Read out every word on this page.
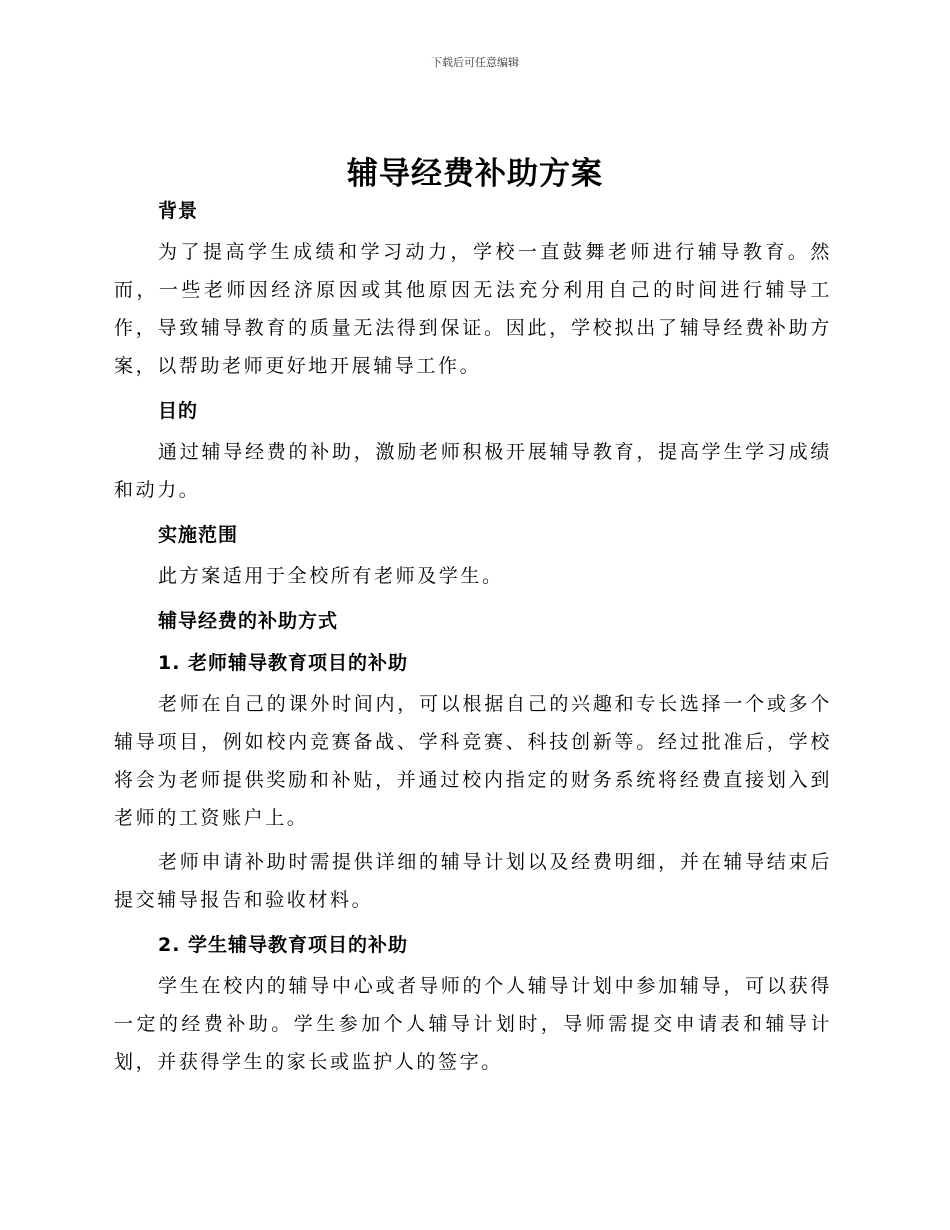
下载后可任意编辑
辅导经费补助方案
背景

为了提高学生成绩和学习动力，学校一直鼓舞老师进行辅导教育。然而，一些老师因经济原因或其他原因无法充分利用自己的时间进行辅导工作，导致辅导教育的质量无法得到保证。因此，学校拟出了辅导经费补助方案，以帮助老师更好地开展辅导工作。

目的

通过辅导经费的补助，激励老师积极开展辅导教育，提高学生学习成绩和动力。

实施范围

此方案适用于全校所有老师及学生。

辅导经费的补助方式
1. 老师辅导教育项目的补助

老师在自己的课外时间内，可以根据自己的兴趣和专长选择一个或多个辅导项目，例如校内竞赛备战、学科竞赛、科技创新等。经过批准后，学校将会为老师提供奖励和补贴，并通过校内指定的财务系统将经费直接划入到老师的工资账户上。

老师申请补助时需提供详细的辅导计划以及经费明细，并在辅导结束后提交辅导报告和验收材料。

2. 学生辅导教育项目的补助

学生在校内的辅导中心或者导师的个人辅导计划中参加辅导，可以获得一定的经费补助。学生参加个人辅导计划时，导师需提交申请表和辅导计划，并获得学生的家长或监护人的签字。
